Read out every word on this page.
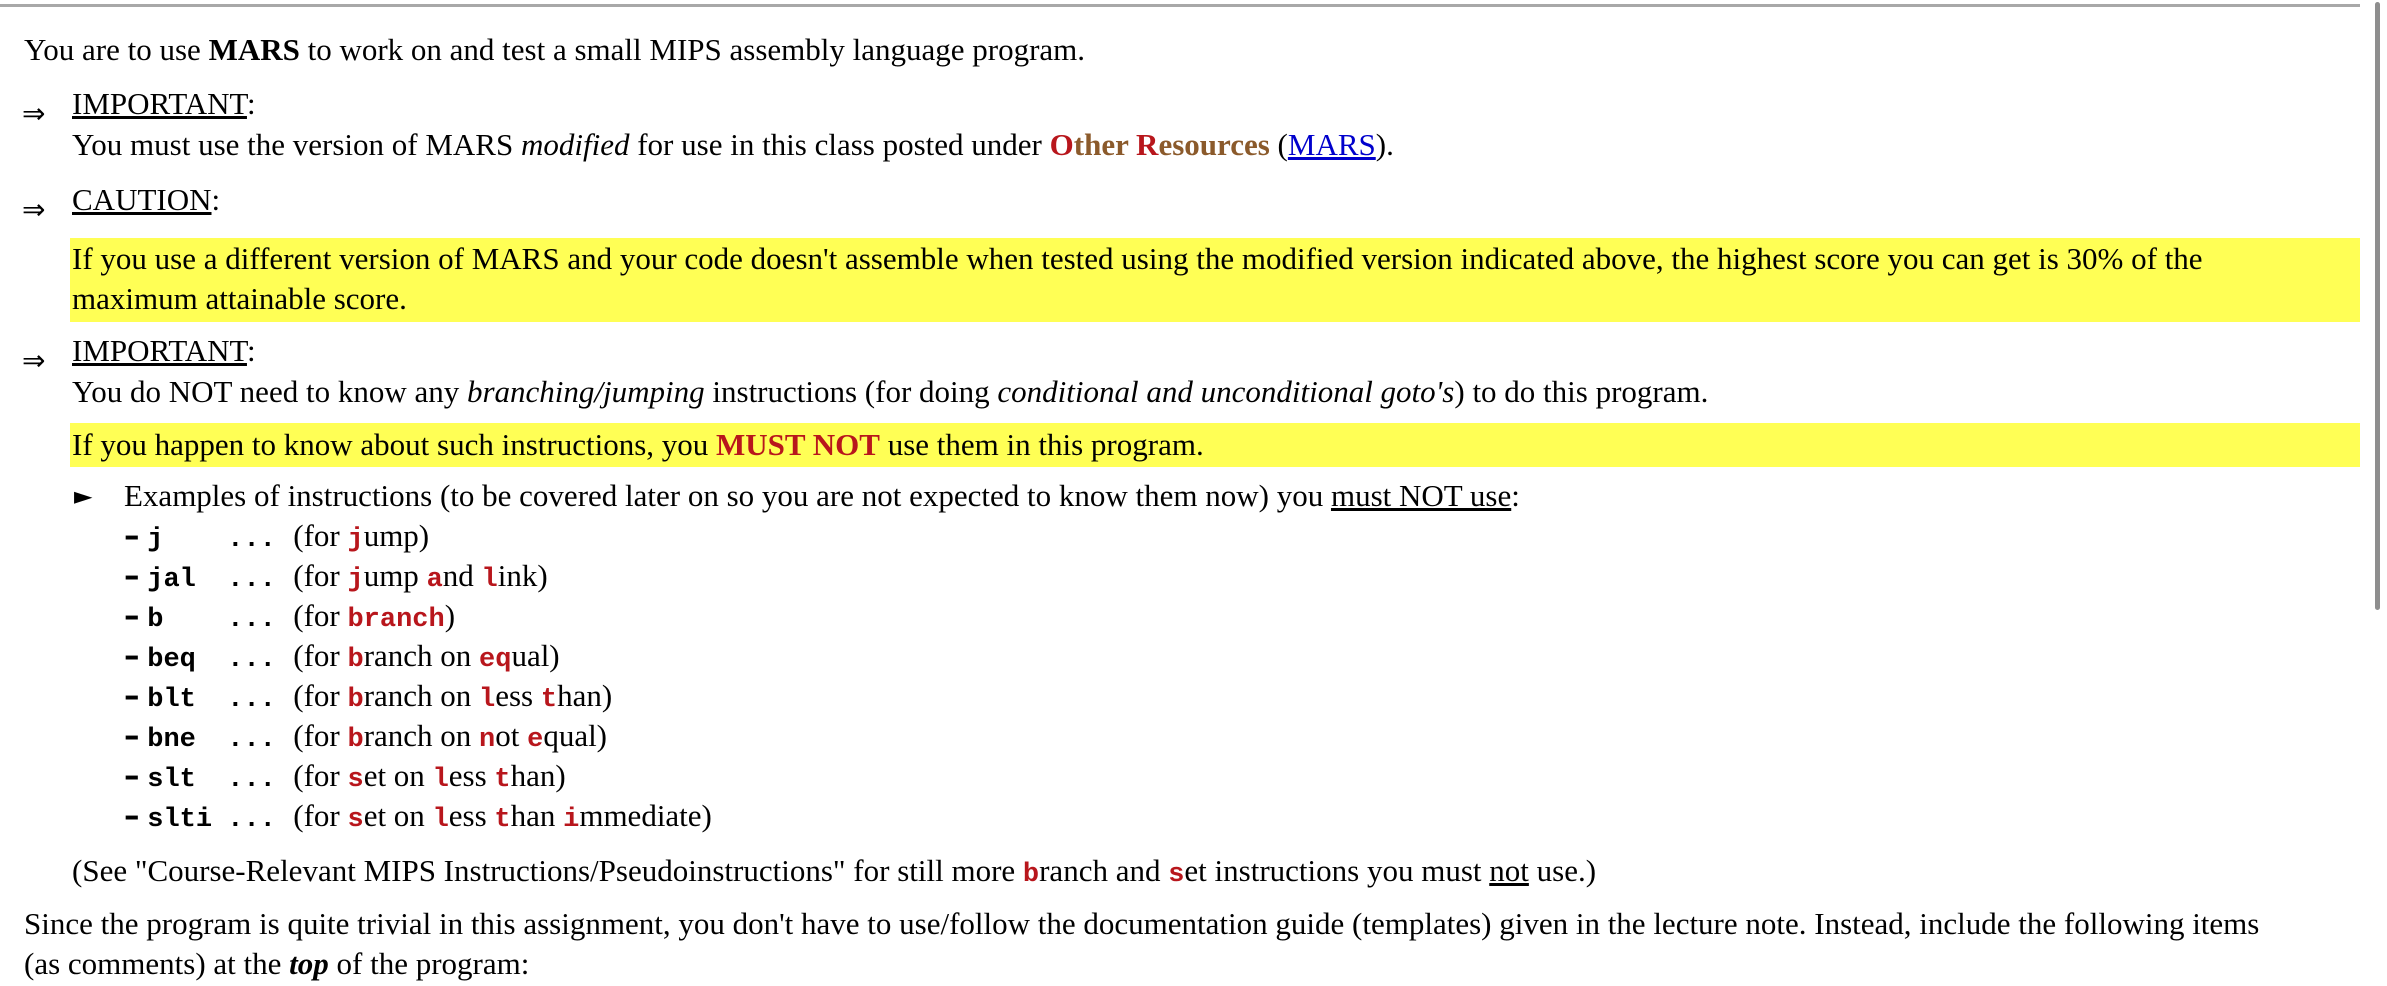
You are to use MARS to work on and test a small MIPS assembly language program.
⇒ IMPORTANT:
You must use the version of MARS modified for use in this class posted under Other Resources (MARS).
⇒ CAUTION:
If you use a different version of MARS and your code doesn't assemble when tested using the modified version indicated above, the highest score you can get is 30% of the
maximum attainable score.
⇒ IMPORTANT:
You do NOT need to know any branching/jumping instructions (for doing conditional and unconditional goto's) to do this program.
If you happen to know about such instructions, you MUST NOT use them in this program.
► Examples of instructions (to be covered later on so you are not expected to know them now) you must NOT use:
– j ... (for jump)
– jal ... (for jump and link)
– b ... (for branch)
– beq ... (for branch on equal)
– blt ... (for branch on less than)
– bne ... (for branch on not equal)
– slt ... (for set on less than)
– slti ... (for set on less than immediate)
(See "Course-Relevant MIPS Instructions/Pseudoinstructions" for still more branch and set instructions you must not use.)
Since the program is quite trivial in this assignment, you don't have to use/follow the documentation guide (templates) given in the lecture note. Instead, include the following items
(as comments) at the top of the program:
